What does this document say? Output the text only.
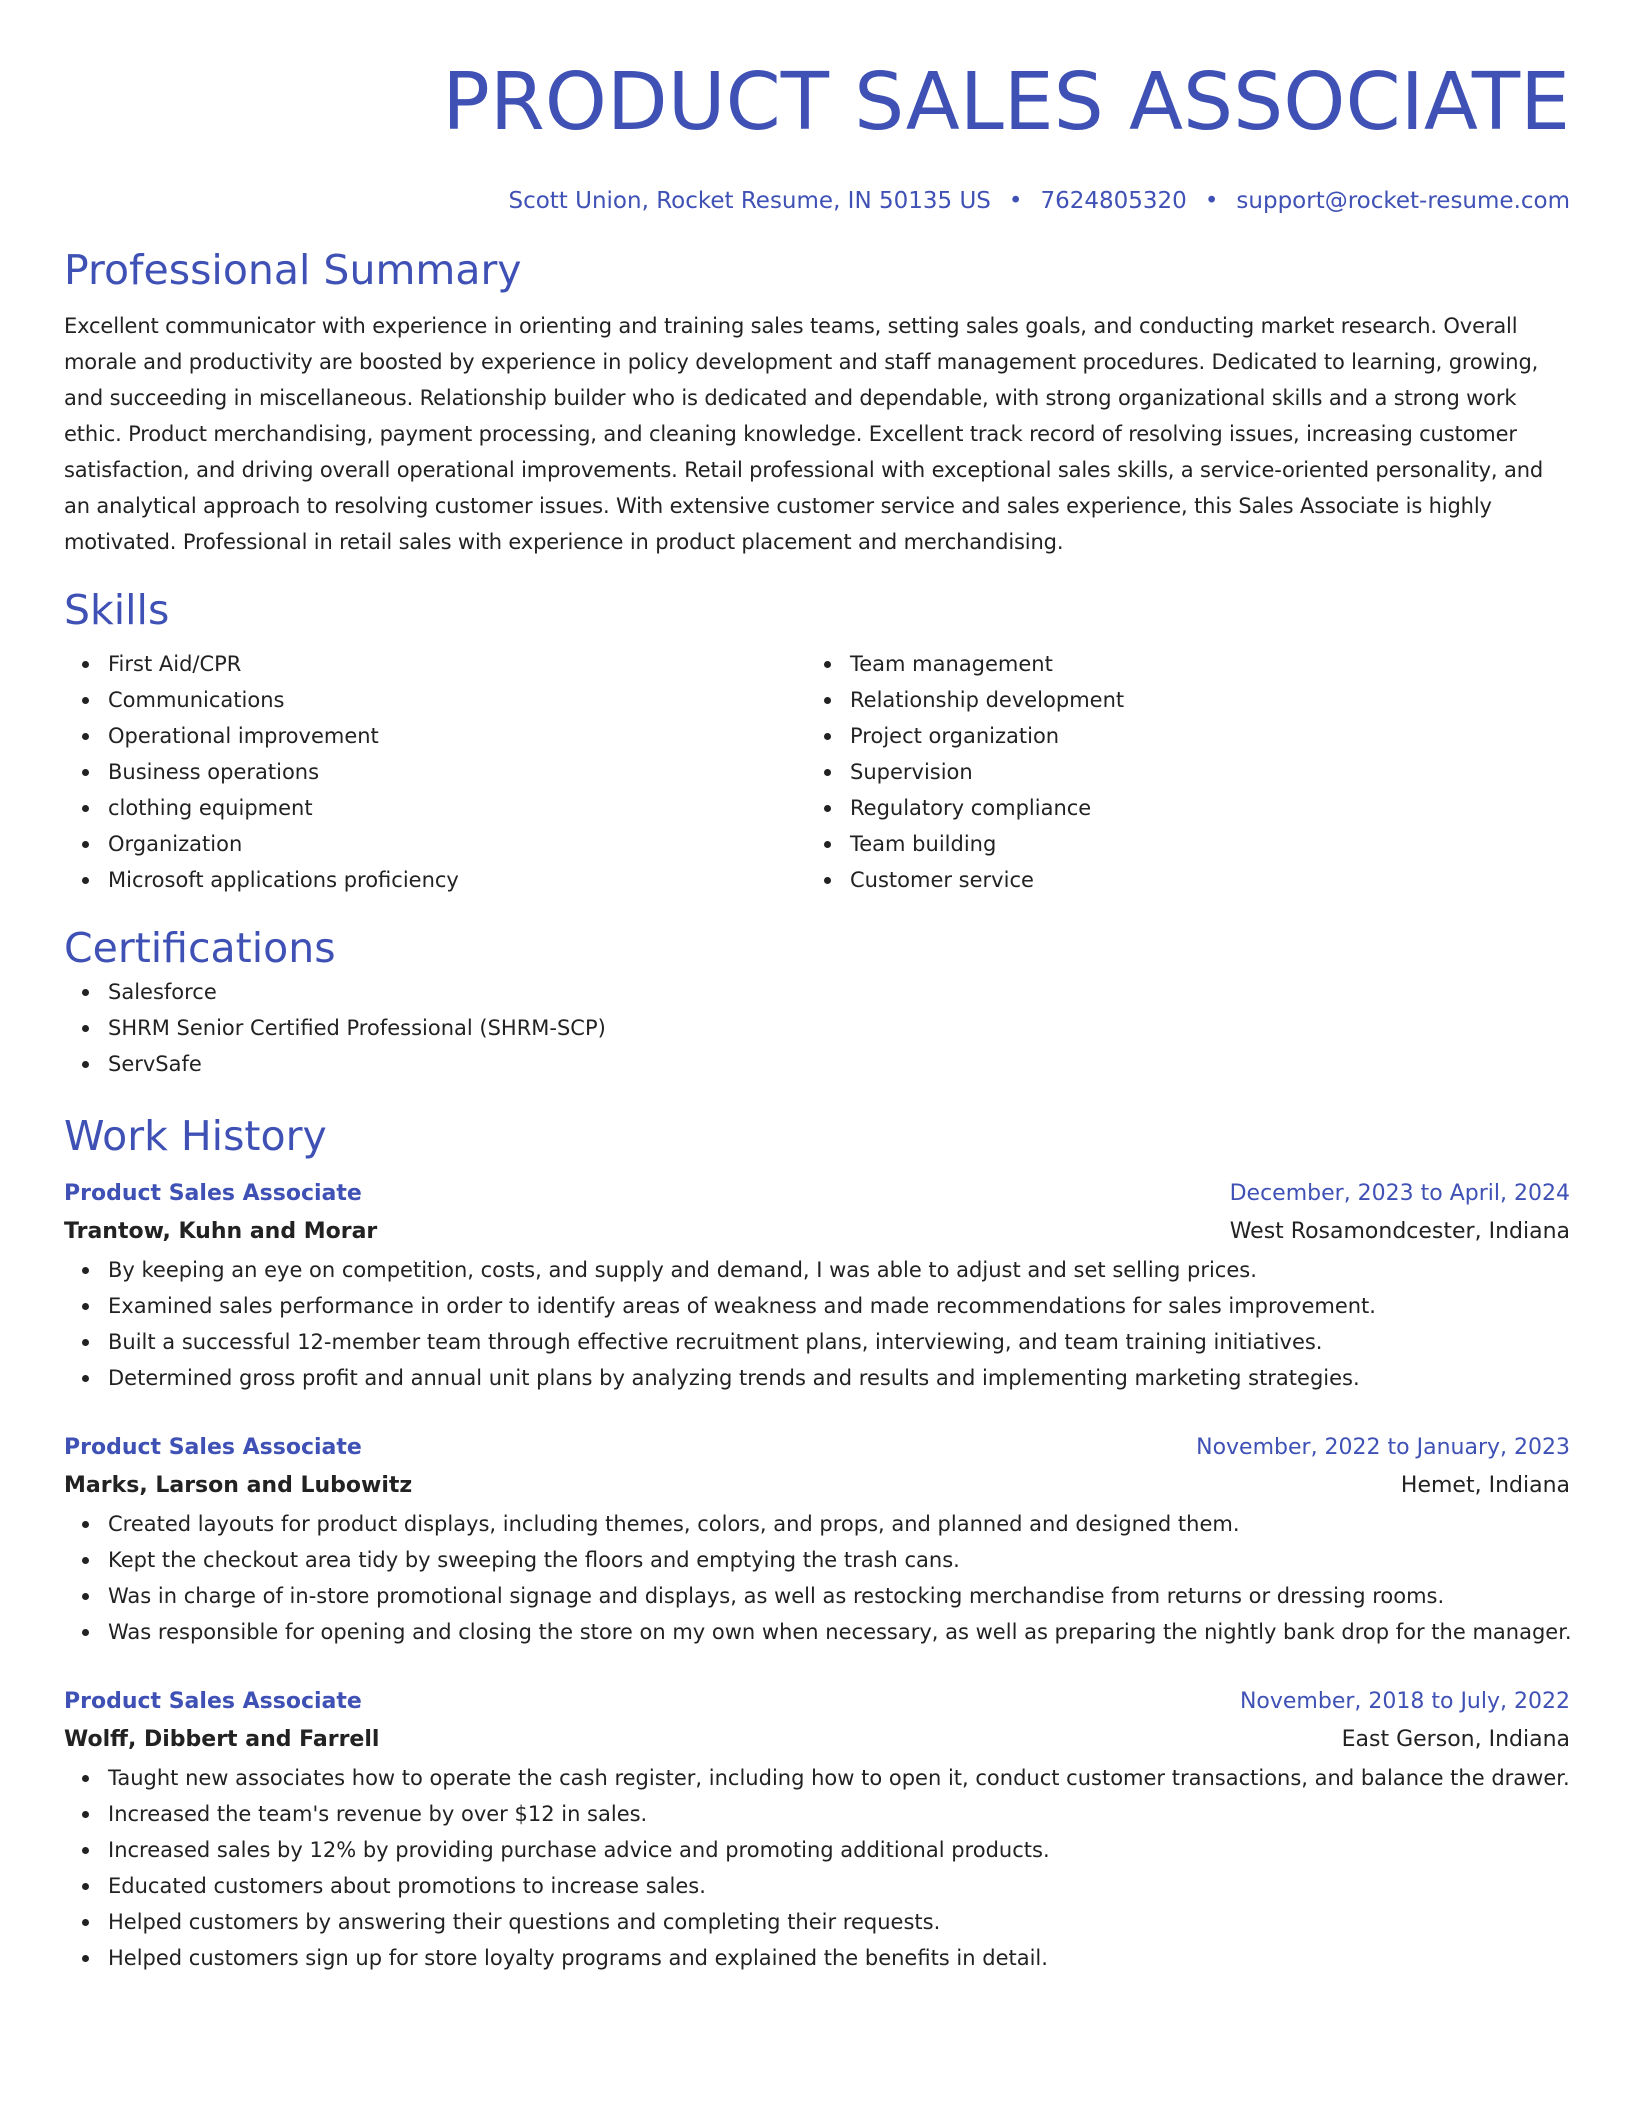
PRODUCT SALES ASSOCIATE
Scott Union, Rocket Resume, IN 50135 US • 7624805320 • support@rocket-resume.com
Professional Summary
Excellent communicator with experience in orienting and training sales teams, setting sales goals, and conducting market research. Overall morale and productivity are boosted by experience in policy development and staff management procedures. Dedicated to learning, growing, and succeeding in miscellaneous. Relationship builder who is dedicated and dependable, with strong organizational skills and a strong work ethic. Product merchandising, payment processing, and cleaning knowledge. Excellent track record of resolving issues, increasing customer satisfaction, and driving overall operational improvements. Retail professional with exceptional sales skills, a service-oriented personality, and an analytical approach to resolving customer issues. With extensive customer service and sales experience, this Sales Associate is highly motivated. Professional in retail sales with experience in product placement and merchandising.
Skills
First Aid/CPR
Communications
Operational improvement
Business operations
clothing equipment
Organization
Microsoft applications proficiency
Team management
Relationship development
Project organization
Supervision
Regulatory compliance
Team building
Customer service
Certifications
Salesforce
SHRM Senior Certified Professional (SHRM-SCP)
ServSafe
Work History
Product Sales Associate	December, 2023 to April, 2024
Trantow, Kuhn and Morar	West Rosamondcester, Indiana
By keeping an eye on competition, costs, and supply and demand, I was able to adjust and set selling prices.
Examined sales performance in order to identify areas of weakness and made recommendations for sales improvement.
Built a successful 12-member team through effective recruitment plans, interviewing, and team training initiatives.
Determined gross profit and annual unit plans by analyzing trends and results and implementing marketing strategies.
Product Sales Associate	November, 2022 to January, 2023
Marks, Larson and Lubowitz	Hemet, Indiana
Created layouts for product displays, including themes, colors, and props, and planned and designed them.
Kept the checkout area tidy by sweeping the floors and emptying the trash cans.
Was in charge of in-store promotional signage and displays, as well as restocking merchandise from returns or dressing rooms.
Was responsible for opening and closing the store on my own when necessary, as well as preparing the nightly bank drop for the manager.
Product Sales Associate	November, 2018 to July, 2022
Wolff, Dibbert and Farrell	East Gerson, Indiana
Taught new associates how to operate the cash register, including how to open it, conduct customer transactions, and balance the drawer.
Increased the team's revenue by over $12 in sales.
Increased sales by 12% by providing purchase advice and promoting additional products.
Educated customers about promotions to increase sales.
Helped customers by answering their questions and completing their requests.
Helped customers sign up for store loyalty programs and explained the benefits in detail.
